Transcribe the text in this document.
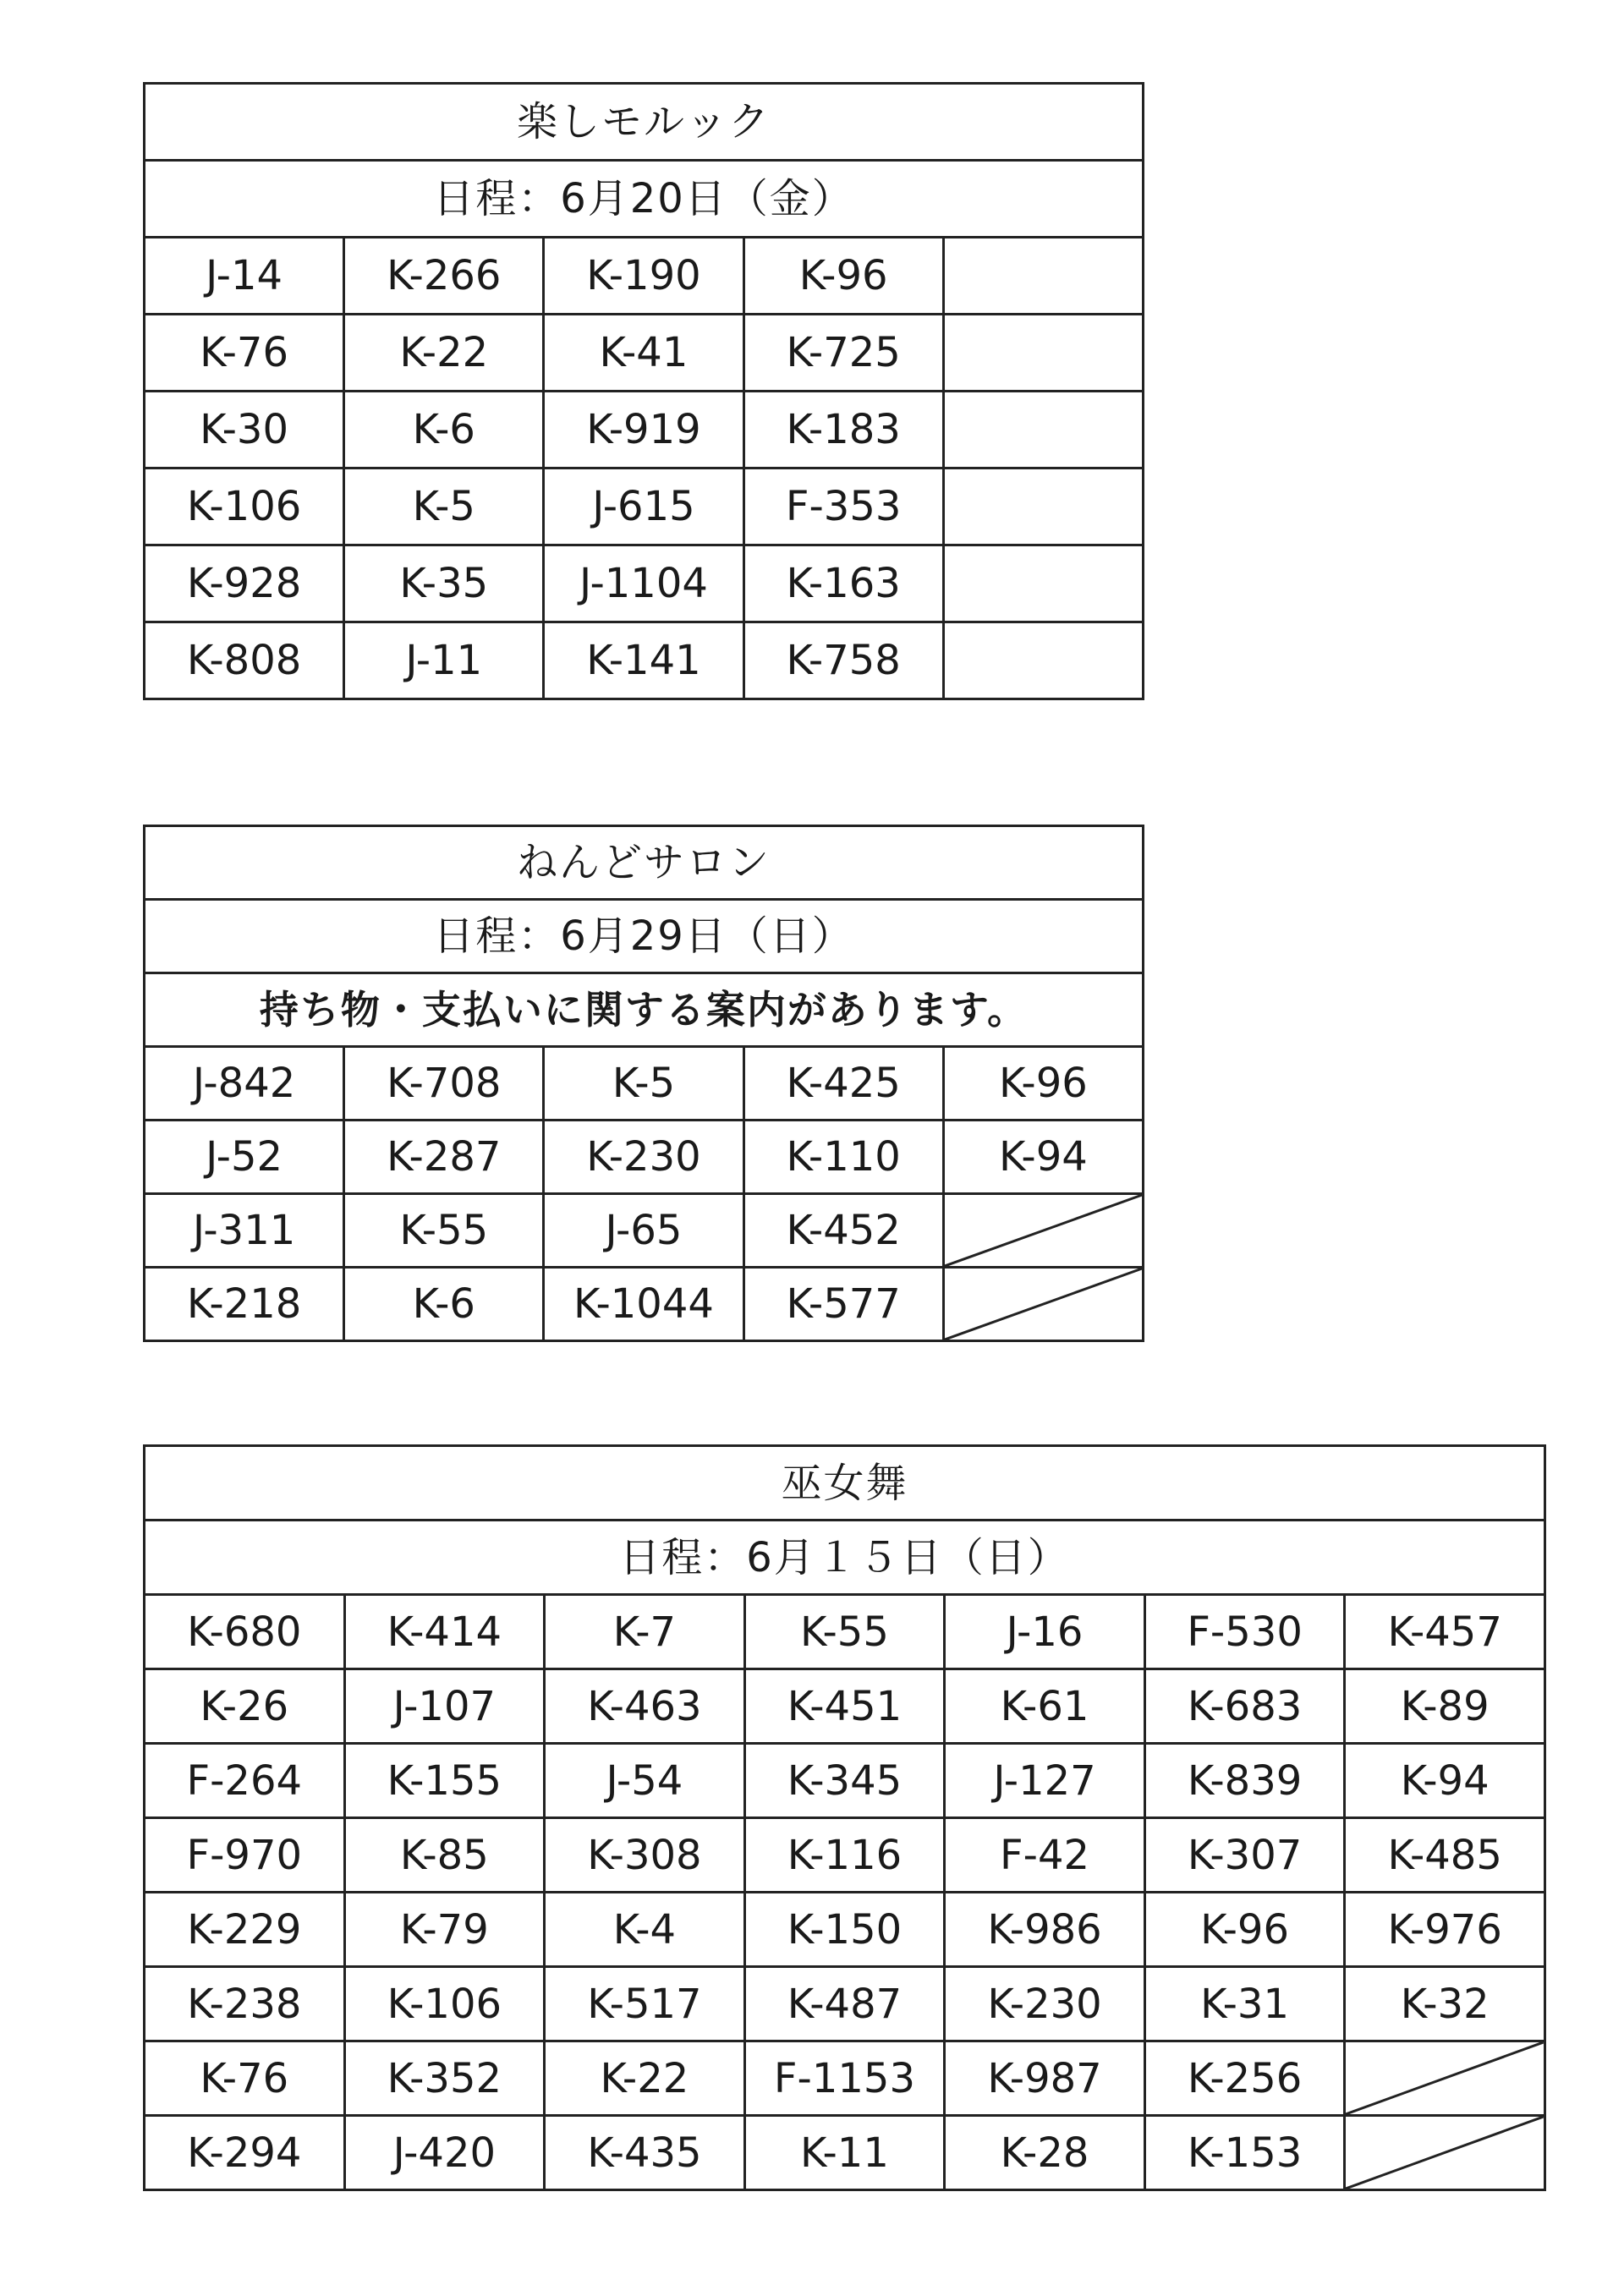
楽しモルック				
日程：6月20日（金）				
J-14	K-266	K-190	K-96	
K-76	K-22	K-41	K-725	
K-30	K-6	K-919	K-183	
K-106	K-5	J-615	F-353	
K-928	K-35	J-1104	K-163	
K-808	J-11	K-141	K-758	
ねんどサロン				
日程：6月29日（日）				
持ち物・支払いに関する案内があります。				
J-842	K-708	K-5	K-425	K-96
J-52	K-287	K-230	K-110	K-94
J-311	K-55	J-65	K-452	

K-218	K-6	K-1044	K-577	
巫女舞						
日程：6月１５日（日）						
K-680	K-414	K-7	K-55	J-16	F-530	K-457
K-26	J-107	K-463	K-451	K-61	K-683	K-89
F-264	K-155	J-54	K-345	J-127	K-839	K-94
F-970	K-85	K-308	K-116	F-42	K-307	K-485
K-229	K-79	K-4	K-150	K-986	K-96	K-976
K-238	K-106	K-517	K-487	K-230	K-31	K-32
K-76	K-352	K-22	F-1153	K-987	K-256	

K-294	J-420	K-435	K-11	K-28	K-153	
